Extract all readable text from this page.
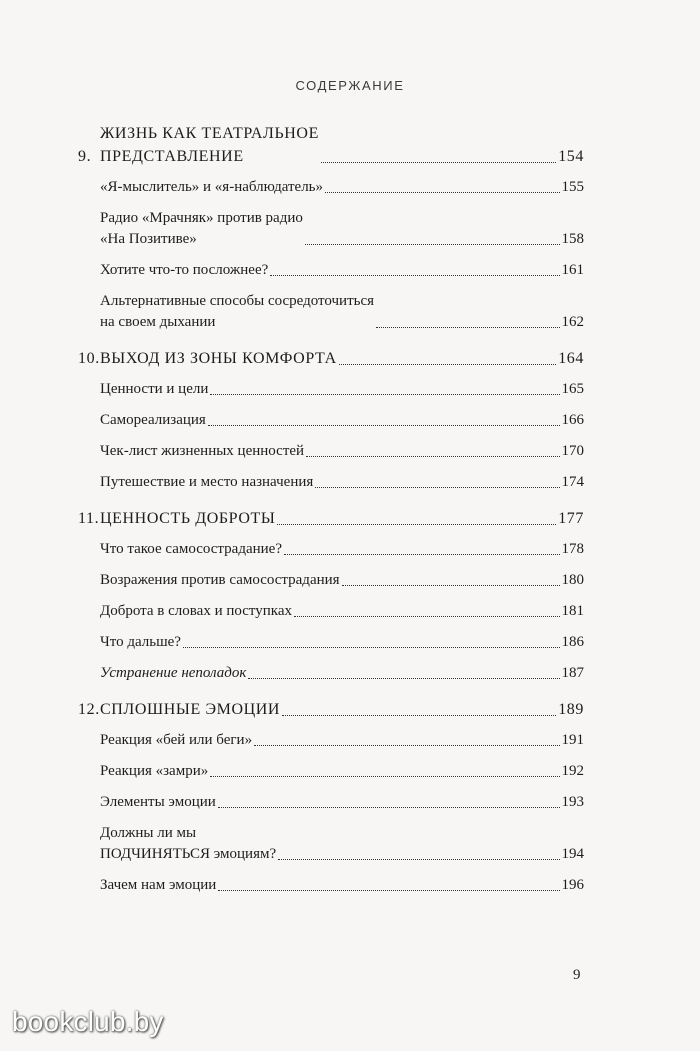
СОДЕРЖАНИЕ
9.
ЖИЗНЬ КАК ТЕАТРАЛЬНОЕ
ПРЕДСТАВЛЕНИЕ	154
«Я-мыслитель» и «я-наблюдатель»	155
Радио «Мрачняк» против радио
«На Позитиве»	158
Хотите что-то посложнее?	161
Альтернативные способы сосредоточиться
на своем дыхании	162
10. ВЫХОД ИЗ ЗОНЫ КОМФОРТА	164
Ценности и цели	165
Самореализация	166
Чек-лист жизненных ценностей	170
Путешествие и место назначения	174
11. ЦЕННОСТЬ ДОБРОТЫ	177
Что такое самосострадание?	178
Возражения против самосострадания	180
Доброта в словах и поступках	181
Что дальше?	186
Устранение неполадок	187
12. СПЛОШНЫЕ ЭМОЦИИ	189
Реакция «бей или беги»	191
Реакция «замри»	192
Элементы эмоции	193
Должны ли мы
ПОДЧИНЯТЬСЯ эмоциям?	194
Зачем нам эмоции	196
9
bookclub.by
